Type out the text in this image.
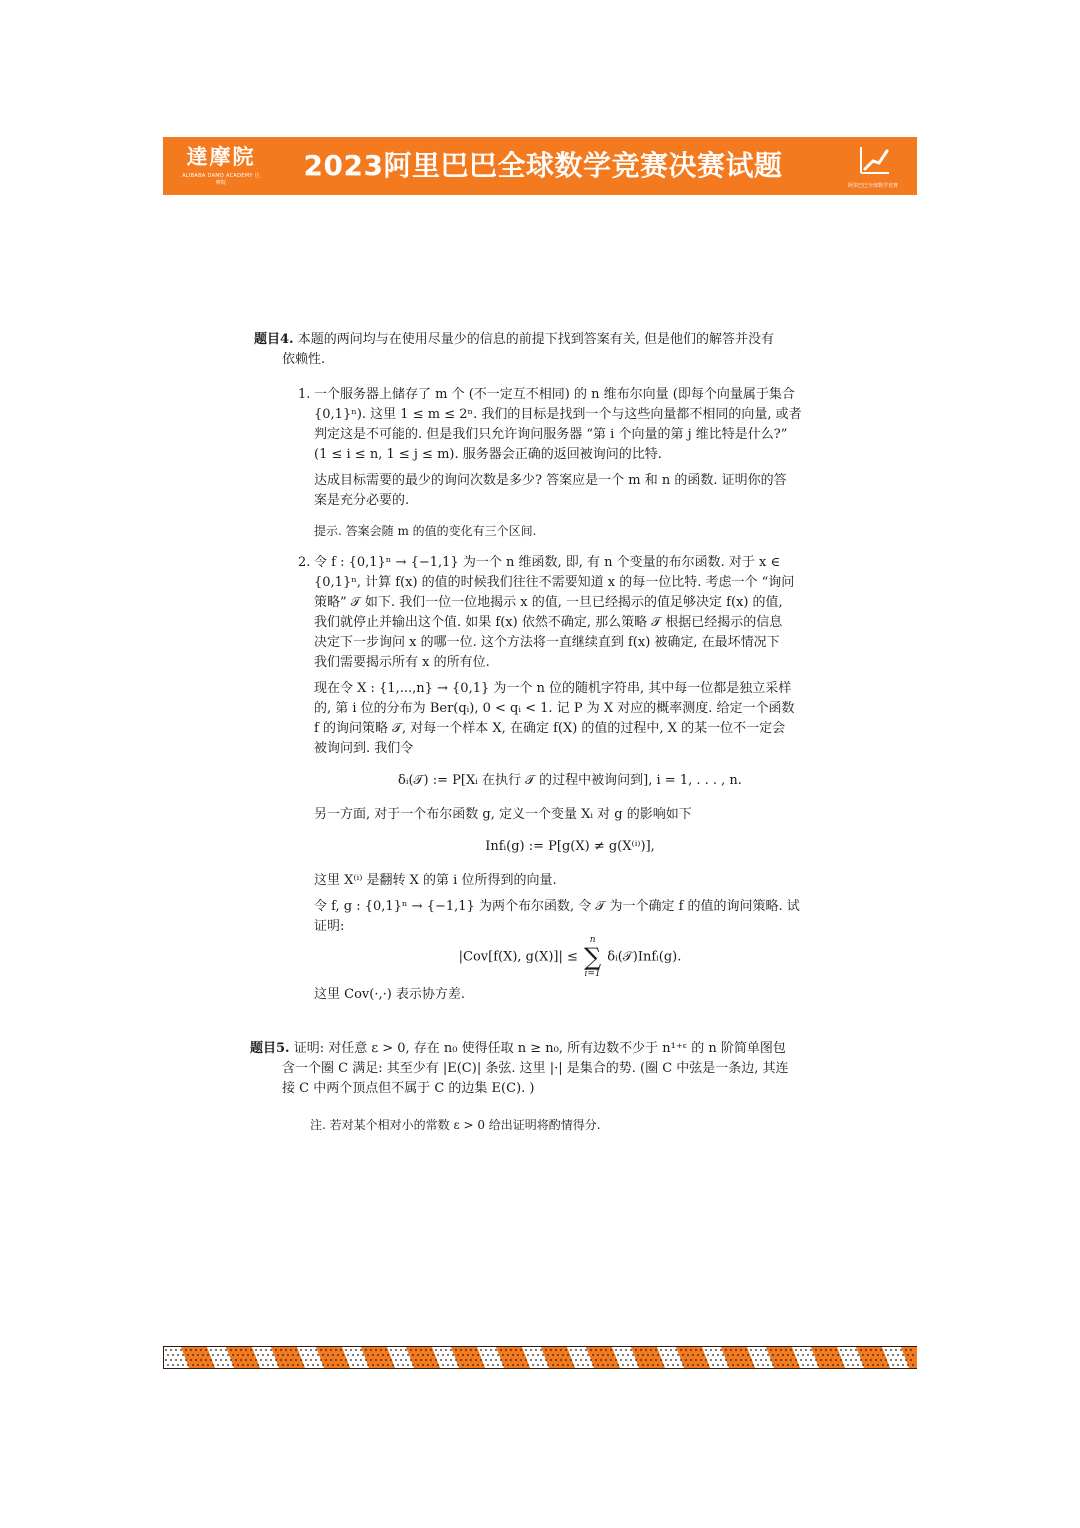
達摩院
ALIBABA DAMO ACADEMY 达摩院
2023阿里巴巴全球数学竞赛决赛试题
阿里巴巴全球数学竞赛

题目4. 本题的两问均与在使用尽量少的信息的前提下找到答案有关, 但是他们的解答并没有

依赖性.

1. 一个服务器上储存了 m 个 (不一定互不相同) 的 n 维布尔向量 (即每个向量属于集合

{0,1}ⁿ). 这里 1 ≤ m ≤ 2ⁿ. 我们的目标是找到一个与这些向量都不相同的向量, 或者

判定这是不可能的. 但是我们只允许询问服务器 “第 i 个向量的第 j 维比特是什么?”

(1 ≤ i ≤ n, 1 ≤ j ≤ m). 服务器会正确的返回被询问的比特.

达成目标需要的最少的询问次数是多少? 答案应是一个 m 和 n 的函数. 证明你的答

案是充分必要的.

提示. 答案会随 m 的值的变化有三个区间.

2. 令 f : {0,1}ⁿ → {−1,1} 为一个 n 维函数, 即, 有 n 个变量的布尔函数. 对于 x ∈

{0,1}ⁿ, 计算 f(x) 的值的时候我们往往不需要知道 x 的每一位比特. 考虑一个 “询问

策略” 𝒯 如下. 我们一位一位地揭示 x 的值, 一旦已经揭示的值足够决定 f(x) 的值,

我们就停止并输出这个值. 如果 f(x) 依然不确定, 那么策略 𝒯 根据已经揭示的信息

决定下一步询问 x 的哪一位. 这个方法将一直继续直到 f(x) 被确定, 在最坏情况下

我们需要揭示所有 x 的所有位.

现在令 X : {1,...,n} → {0,1} 为一个 n 位的随机字符串, 其中每一位都是独立采样

的, 第 i 位的分布为 Ber(qᵢ), 0 < qᵢ < 1. 记 P 为 X 对应的概率测度. 给定一个函数

f 的询问策略 𝒯, 对每一个样本 X, 在确定 f(X) 的值的过程中, X 的某一位不一定会

被询问到. 我们令

δᵢ(𝒯) := P[Xᵢ 在执行 𝒯 的过程中被询问到], i = 1, . . . , n.

另一方面, 对于一个布尔函数 g, 定义一个变量 Xᵢ 对 g 的影响如下

Infᵢ(g) := P[g(X) ≠ g(X⁽ⁱ⁾)],

这里 X⁽ⁱ⁾ 是翻转 X 的第 i 位所得到的向量.

令 f, g : {0,1}ⁿ → {−1,1} 为两个布尔函数, 令 𝒯 为一个确定 f 的值的询问策略. 试

证明:

|Cov[f(X), g(X)]| ≤
n
∑
i=1
δᵢ(𝒯)Infᵢ(g).

这里 Cov(·,·) 表示协方差.

题目5. 证明: 对任意 ε > 0, 存在 n₀ 使得任取 n ≥ n₀, 所有边数不少于 n¹⁺ᵋ 的 n 阶简单图包

含一个圈 C 满足: 其至少有 |E(C)| 条弦. 这里 |·| 是集合的势. (圈 C 中弦是一条边, 其连

接 C 中两个顶点但不属于 C 的边集 E(C). )

注. 若对某个相对小的常数 ε > 0 给出证明将酌情得分.
